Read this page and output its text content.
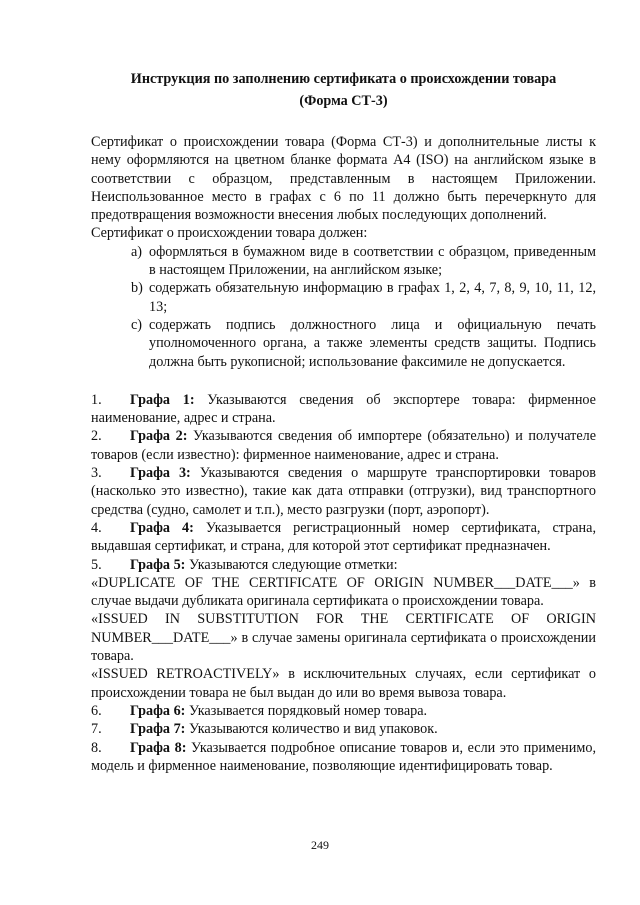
Инструкция по заполнению сертификата о происхождении товара
(Форма СТ-3)

Сертификат о происхождении товара (Форма СТ-3) и дополнительные листы к нему оформляются на цветном бланке формата А4 (ISO) на английском языке в соответствии с образцом, представленным в настоящем Приложении. Неиспользованное место в графах с 6 по 11 должно быть перечеркнуто для предотвращения возможности внесения любых последующих дополнений.

Сертификат о происхождении товара должен:

a) оформляться в бумажном виде в соответствии с образцом, приведенным в настоящем Приложении, на английском языке;
b) содержать обязательную информацию в графах 1, 2, 4, 7, 8, 9, 10, 11, 12, 13;
c) содержать подпись должностного лица и официальную печать уполномоченного органа, а также элементы средств защиты. Подпись должна быть рукописной; использование факсимиле не допускается.
1. Графа 1: Указываются сведения об экспортере товара: фирменное наименование, адрес и страна.
2. Графа 2: Указываются сведения об импортере (обязательно) и получателе товаров (если известно): фирменное наименование, адрес и страна.
3. Графа 3: Указываются сведения о маршруте транспортировки товаров (насколько это известно), такие как дата отправки (отгрузки), вид транспортного средства (судно, самолет и т.п.), место разгрузки (порт, аэропорт).
4. Графа 4: Указывается регистрационный номер сертификата, страна, выдавшая сертификат, и страна, для которой этот сертификат предназначен.
5. Графа 5: Указываются следующие отметки:

«DUPLICATE OF THE CERTIFICATE OF ORIGIN NUMBER___DATE___» в случае выдачи дубликата оригинала сертификата о происхождении товара.

«ISSUED IN SUBSTITUTION FOR THE CERTIFICATE OF ORIGIN NUMBER___DATE___» в случае замены оригинала сертификата о происхождении товара.

«ISSUED RETROACTIVELY» в исключительных случаях, если сертификат о происхождении товара не был выдан до или во время вывоза товара.

6. Графа 6: Указывается порядковый номер товара.
7. Графа 7: Указываются количество и вид упаковок.
8. Графа 8: Указывается подробное описание товаров и, если это применимо, модель и фирменное наименование, позволяющие идентифицировать товар.
249
